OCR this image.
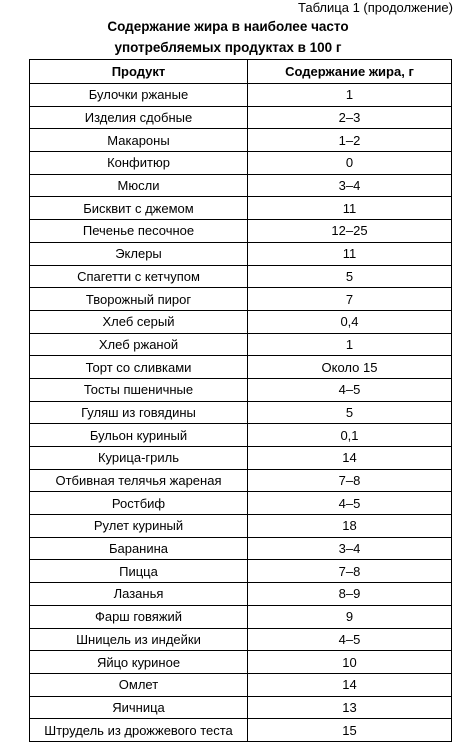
Таблица 1 (продолжение)
Содержание жира в наиболее часто
употребляемых продуктах в 100 г
Продукт	Содержание жира, г
Булочки ржаные	1
Изделия сдобные	2–3
Макароны	1–2
Конфитюр	0
Мюсли	3–4
Бисквит с джемом	11
Печенье песочное	12–25
Эклеры	11
Спагетти с кетчупом	5
Творожный пирог	7
Хлеб серый	0,4
Хлеб ржаной	1
Торт со сливками	Около 15
Тосты пшеничные	4–5
Гуляш из говядины	5
Бульон куриный	0,1
Курица-гриль	14
Отбивная телячья жареная	7–8
Ростбиф	4–5
Рулет куриный	18
Баранина	3–4
Пицца	7–8
Лазанья	8–9
Фарш говяжий	9
Шницель из индейки	4–5
Яйцо куриное	10
Омлет	14
Яичница	13
Штрудель из дрожжевого теста	15
